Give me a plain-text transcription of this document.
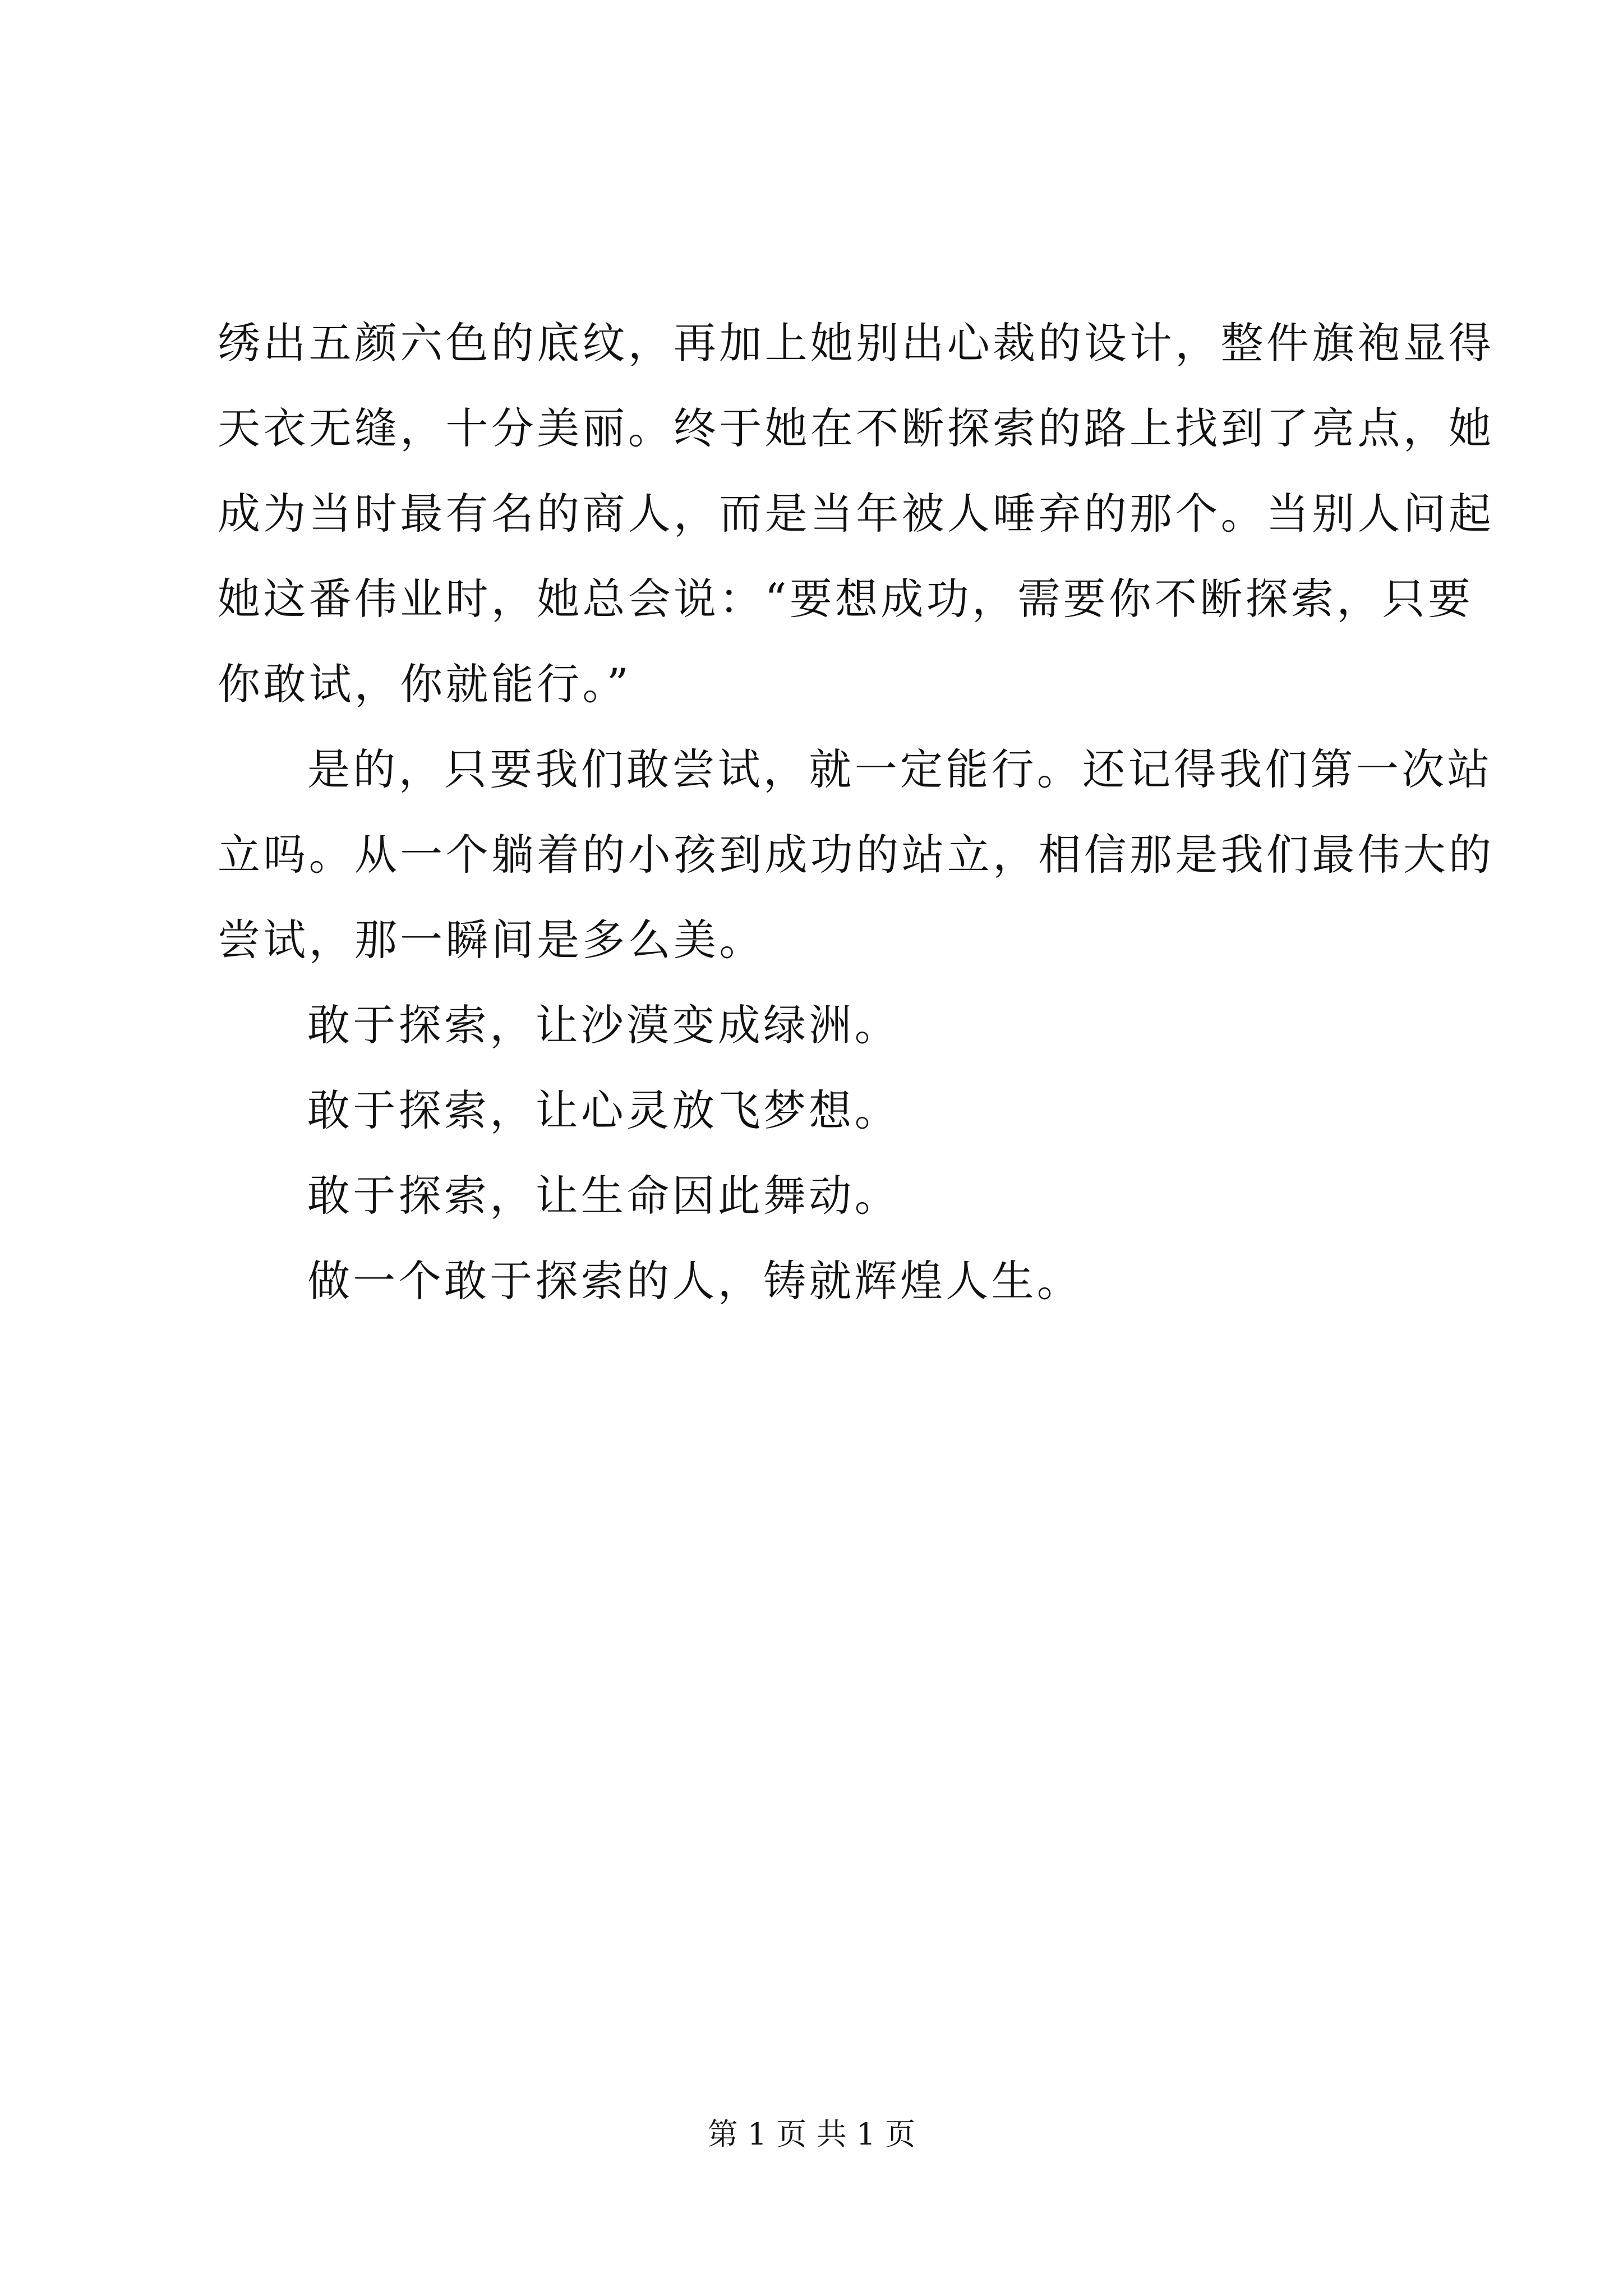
绣出五颜六色的底纹，再加上她别出心裁的设计，整件旗袍显得
天衣无缝，十分美丽。终于她在不断探索的路上找到了亮点，她
成为当时最有名的商人，而是当年被人唾弃的那个。当别人问起
她这番伟业时，她总会说：“要想成功，需要你不断探索，只要
你敢试，你就能行。”
是的，只要我们敢尝试，就一定能行。还记得我们第一次站
立吗。从一个躺着的小孩到成功的站立，相信那是我们最伟大的
尝试，那一瞬间是多么美。
敢于探索，让沙漠变成绿洲。
敢于探索，让心灵放飞梦想。
敢于探索，让生命因此舞动。
做一个敢于探索的人，铸就辉煌人生。
第 1 页 共 1 页
